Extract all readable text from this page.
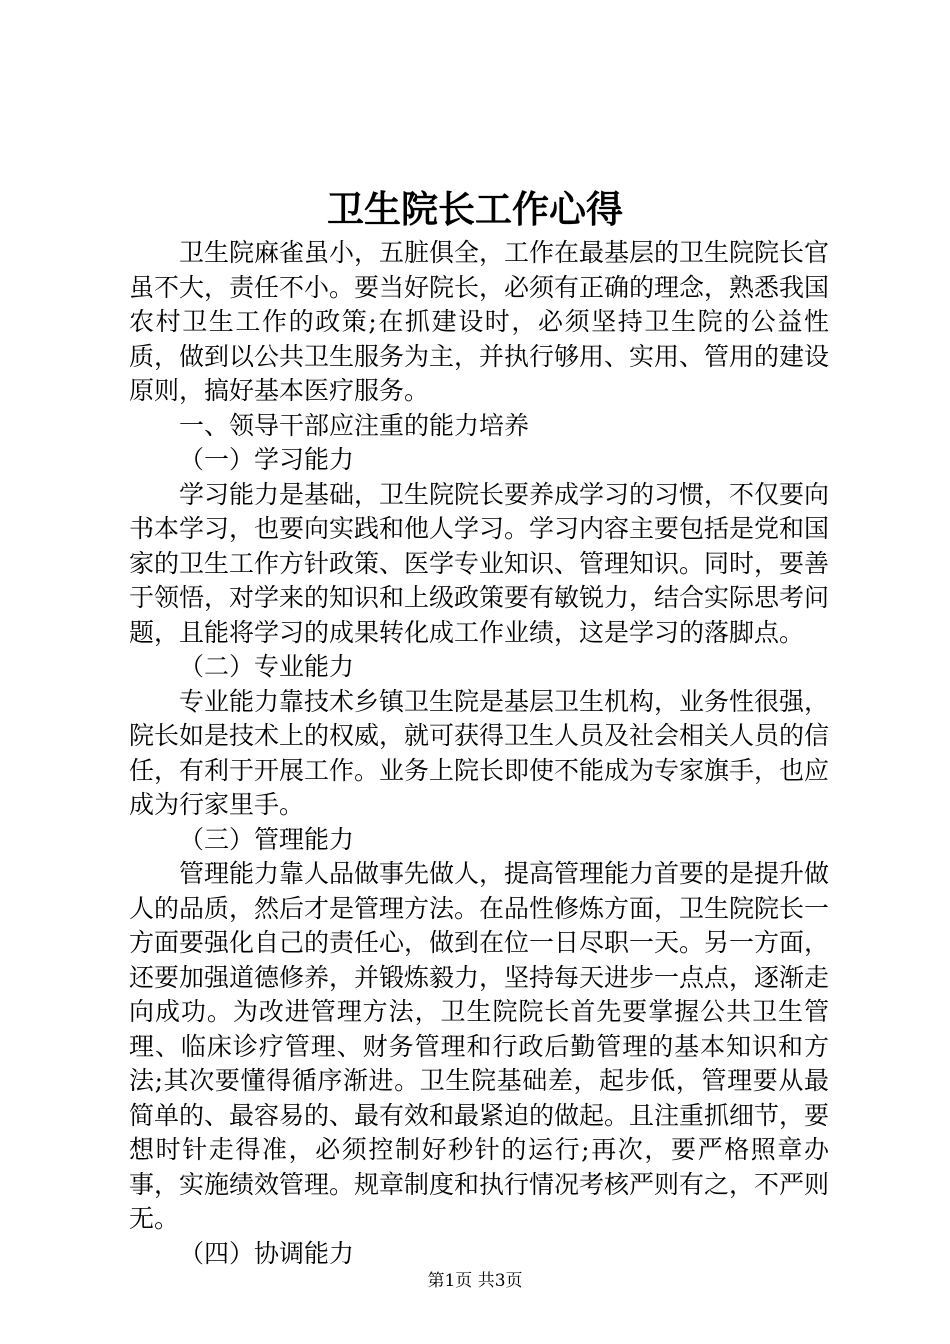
卫生院长工作心得

卫生院麻雀虽小，五脏俱全，工作在最基层的卫生院院长官虽不大，责任不小。要当好院长，必须有正确的理念，熟悉我国农村卫生工作的政策;在抓建设时，必须坚持卫生院的公益性质，做到以公共卫生服务为主，并执行够用、实用、管用的建设原则，搞好基本医疗服务。

一、领导干部应注重的能力培养

（一）学习能力

学习能力是基础，卫生院院长要养成学习的习惯，不仅要向书本学习，也要向实践和他人学习。学习内容主要包括是党和国家的卫生工作方针政策、医学专业知识、管理知识。同时，要善于领悟，对学来的知识和上级政策要有敏锐力，结合实际思考问题，且能将学习的成果转化成工作业绩，这是学习的落脚点。

（二）专业能力

专业能力靠技术乡镇卫生院是基层卫生机构，业务性很强，院长如是技术上的权威，就可获得卫生人员及社会相关人员的信任，有利于开展工作。业务上院长即使不能成为专家旗手，也应成为行家里手。

（三）管理能力

管理能力靠人品做事先做人，提高管理能力首要的是提升做人的品质，然后才是管理方法。在品性修炼方面，卫生院院长一方面要强化自己的责任心，做到在位一日尽职一天。另一方面，还要加强道德修养，并锻炼毅力，坚持每天进步一点点，逐渐走向成功。为改进管理方法，卫生院院长首先要掌握公共卫生管理、临床诊疗管理、财务管理和行政后勤管理的基本知识和方法;其次要懂得循序渐进。卫生院基础差，起步低，管理要从最简单的、最容易的、最有效和最紧迫的做起。且注重抓细节，要想时针走得准，必须控制好秒针的运行;再次，要严格照章办事，实施绩效管理。规章制度和执行情况考核严则有之，不严则无。

（四）协调能力

第1页 共3页
